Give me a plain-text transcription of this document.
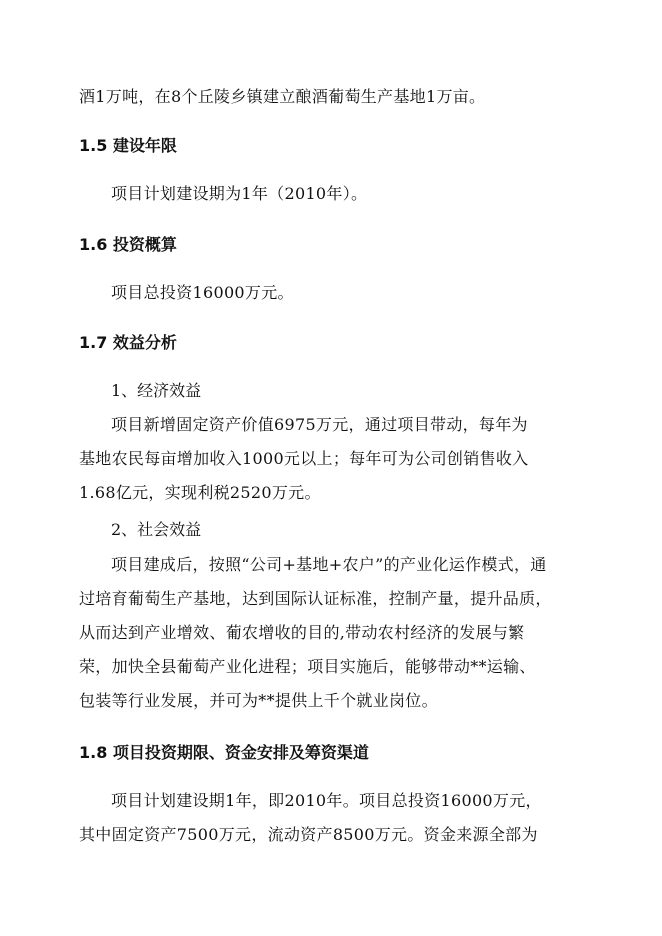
酒1万吨，在8个丘陵乡镇建立酿酒葡萄生产基地1万亩。

1.5 建设年限

项目计划建设期为1年（2010年）。

1.6 投资概算

项目总投资16000万元。

1.7 效益分析

1、经济效益

项目新增固定资产价值6975万元，通过项目带动，每年为
基地农民每亩增加收入1000元以上；每年可为公司创销售收入
1.68亿元，实现利税2520万元。

2、社会效益

项目建成后，按照“公司+基地+农户”的产业化运作模式，通
过培育葡萄生产基地，达到国际认证标准，控制产量，提升品质，
从而达到产业增效、葡农增收的目的,带动农村经济的发展与繁
荣，加快全县葡萄产业化进程；项目实施后，能够带动**运输、
包装等行业发展，并可为**提供上千个就业岗位。

1.8 项目投资期限、资金安排及筹资渠道

项目计划建设期1年，即2010年。项目总投资16000万元，
其中固定资产7500万元，流动资产8500万元。资金来源全部为
